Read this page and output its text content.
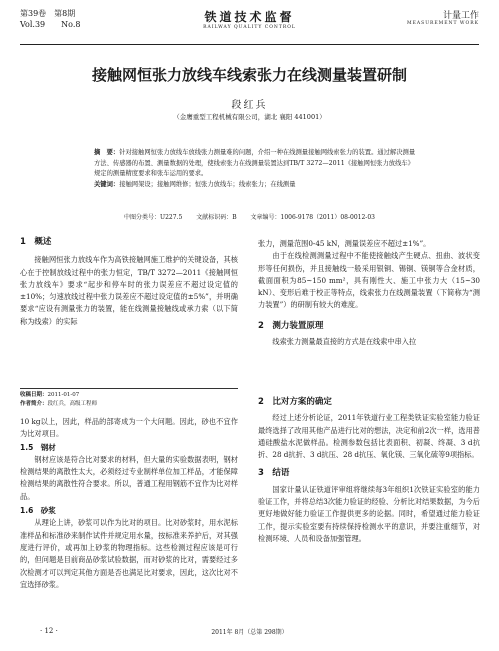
第39卷　第8期
Vol.39　　No.8
铁道技术监督
RAILWAY QUALITY CONTROL
计量工作
MEASUREMENT WORK
接触网恒张力放线车线索张力在线测量装置研制
段红兵
（金鹰重型工程机械有限公司，湖北 襄阳 441001）
摘　要：针对接触网恒张力放线车放线张力测量难的问题，介绍一种在线测量接触网线索张力的装置。通过解决测量方法、传感器的布置、测量数据的处理，使线索张力在线测量装置达到TB/T 3272—2011《接触网恒张力放线车》规定的测量精度要求和张车运用的要求。
关键词：接触网架设；接触网维修；恒张力放线车；线索张力；在线测量
中图分类号：U227.5　 文献标识码：B　 文章编号：1006-9178（2011）08-0012-03
1　概述

接触网恒张力放线车作为高铁接触网施工维护的关键设备，其核心在于控制放线过程中的张力恒定，TB/T 3272—2011《接触网恒张力放线车》要求“起步和停车时的张力误差应不超过设定值的±10%；匀速放线过程中张力误差应不超过设定值的±5%”，并明确要求“应设有测量张力的装置，能在线测量接触线或承力索（以下简称为线索）的实际

收稿日期：2011-01-07
作者简介：段红兵，高级工程师

10 kg以上，因此，样品的部寄成为一个大问题。因此，砂也不宜作为比对项目。

1.5　钢材

钢材应该是符合比对要求的材料，但大量的实验数据表明，钢材检测结果的离散性太大，必须经过专业制样单位加工样品，才能保障检测结果的离散性符合要求。所以，普通工程用钢筋不宜作为比对样品。

1.6　砂浆

从理论上讲，砂浆可以作为比对的项目。比对砂浆时，用水泥标准样品和标准砂来制作试件并规定用水量，按标准来养护后，对其强度进行评价，或再加上砂浆的物理指标。这些检测过程应该是可行的，但问题是目前商品砂浆试验数据，而对砂浆的比对，需要经过多次检测才可以判定其他方面是否也满足比对要求，因此，这次比对不宜选择砂浆。

张力，测量范围0-45 kN，测量误差应不超过±1%”。

由于在线检测测量过程中不能使接触线产生硬点、扭曲、波状变形等任何损伤，并且接触线一般采用银铜、锡铜、镁铜等合金材质，截面面积为85~150 mm²，具有刚性大、施工中张力大（15~30 kN）、变形后难于校正等特点，线索张力在线测量装置（下简称为“测力装置”）的研制有较大的难度。

2　测力装置原理

线索张力测量最直接的方式是在线索中串入拉

2　比对方案的确定

经过上述分析论证，2011年铁道行业工程类铁证实验室能力验证最终选择了改用其他产品进行比对的想法，决定和前2次一样，选用普通硅酸盐水泥做样品。检测参数包括比表面积、初凝、终凝、3 d抗折、28 d抗折、3 d抗压、28 d抗压、氧化镁、三氧化硫等9项指标。

3　结语

国家计量认证铁道评审组将继续每3年组织1次铁证实验室的能力验证工作，并将总结3次能力验证的经验、分析比对结果数据，为今后更好地做好能力验证工作提供更多的论据。同时，希望通过能力验证工作，提示实验室要有持续保持检测水平的意识，并要注重细节，对检测环境、人员和设备加强管理。

· 12 ·	2011年 8月（总第 298期）
